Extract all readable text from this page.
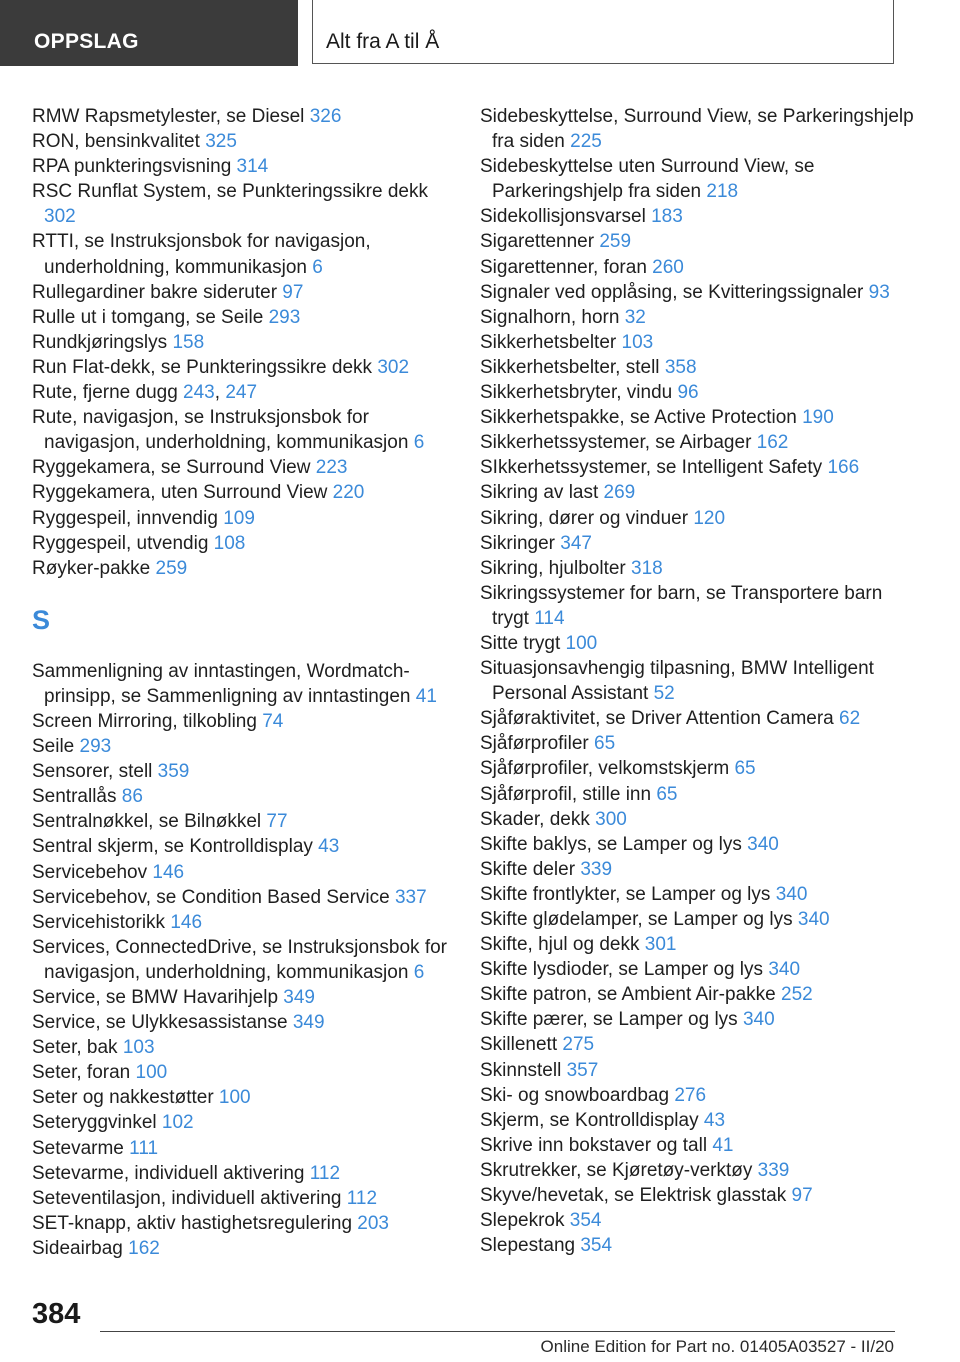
OPPSLAG	Alt fra A til Å
RMW Rapsmetylester, se Diesel 326
RON, bensinkvalitet 325
RPA punkteringsvisning 314
RSC Runflat System, se Punkteringssikre dekk 302
RTTI, se Instruksjonsbok for navigasjon, underholdning, kommunikasjon 6
Rullegardiner bakre sideruter 97
Rulle ut i tomgang, se Seile 293
Rundkjøringslys 158
Run Flat-dekk, se Punkteringssikre dekk 302
Rute, fjerne dugg 243, 247
Rute, navigasjon, se Instruksjonsbok for navigasjon, underholdning, kommunikasjon 6
Ryggekamera, se Surround View 223
Ryggekamera, uten Surround View 220
Ryggespeil, innvendig 109
Ryggespeil, utvendig 108
Røyker-pakke 259
S
Sammenligning av inntastingen, Wordmatch-prinsipp, se Sammenligning av inntastingen 41
Screen Mirroring, tilkobling 74
Seile 293
Sensorer, stell 359
Sentrallås 86
Sentralnøkkel, se Bilnøkkel 77
Sentral skjerm, se Kontrolldisplay 43
Servicebehov 146
Servicebehov, se Condition Based Service 337
Servicehistorikk 146
Services, ConnectedDrive, se Instruksjonsbok for navigasjon, underholdning, kommunikasjon 6
Service, se BMW Havarihjelp 349
Service, se Ulykkesassistanse 349
Seter, bak 103
Seter, foran 100
Seter og nakkestøtter 100
Seteryggvinkel 102
Setevarme 111
Setevarme, individuell aktivering 112
Seteventilasjon, individuell aktivering 112
SET-knapp, aktiv hastighetsregulering 203
Sideairbag 162
Sidebeskyttelse, Surround View, se Parkeringshjelp fra siden 225
Sidebeskyttelse uten Surround View, se Parkeringshjelp fra siden 218
Sidekollisjonsvarsel 183
Sigarettenner 259
Sigarettenner, foran 260
Signaler ved opplåsing, se Kvitteringssignaler 93
Signalhorn, horn 32
Sikkerhetsbelter 103
Sikkerhetsbelter, stell 358
Sikkerhetsbryter, vindu 96
Sikkerhetspakke, se Active Protection 190
Sikkerhetssystemer, se Airbager 162
SIkkerhetssystemer, se Intelligent Safety 166
Sikring av last 269
Sikring, dører og vinduer 120
Sikringer 347
Sikring, hjulbolter 318
Sikringssystemer for barn, se Transportere barn trygt 114
Sitte trygt 100
Situasjonsavhengig tilpasning, BMW Intelligent Personal Assistant 52
Sjåføraktivitet, se Driver Attention Camera 62
Sjåførprofiler 65
Sjåførprofiler, velkomstskjerm 65
Sjåførprofil, stille inn 65
Skader, dekk 300
Skifte baklys, se Lamper og lys 340
Skifte deler 339
Skifte frontlykter, se Lamper og lys 340
Skifte glødelamper, se Lamper og lys 340
Skifte, hjul og dekk 301
Skifte lysdioder, se Lamper og lys 340
Skifte patron, se Ambient Air-pakke 252
Skifte pærer, se Lamper og lys 340
Skillenett 275
Skinnstell 357
Ski- og snowboardbag 276
Skjerm, se Kontrolldisplay 43
Skrive inn bokstaver og tall 41
Skrutrekker, se Kjøretøy-verktøy 339
Skyve/hevetak, se Elektrisk glasstak 97
Slepekrok 354
Slepestang 354
384
Online Edition for Part no. 01405A03527 - II/20
